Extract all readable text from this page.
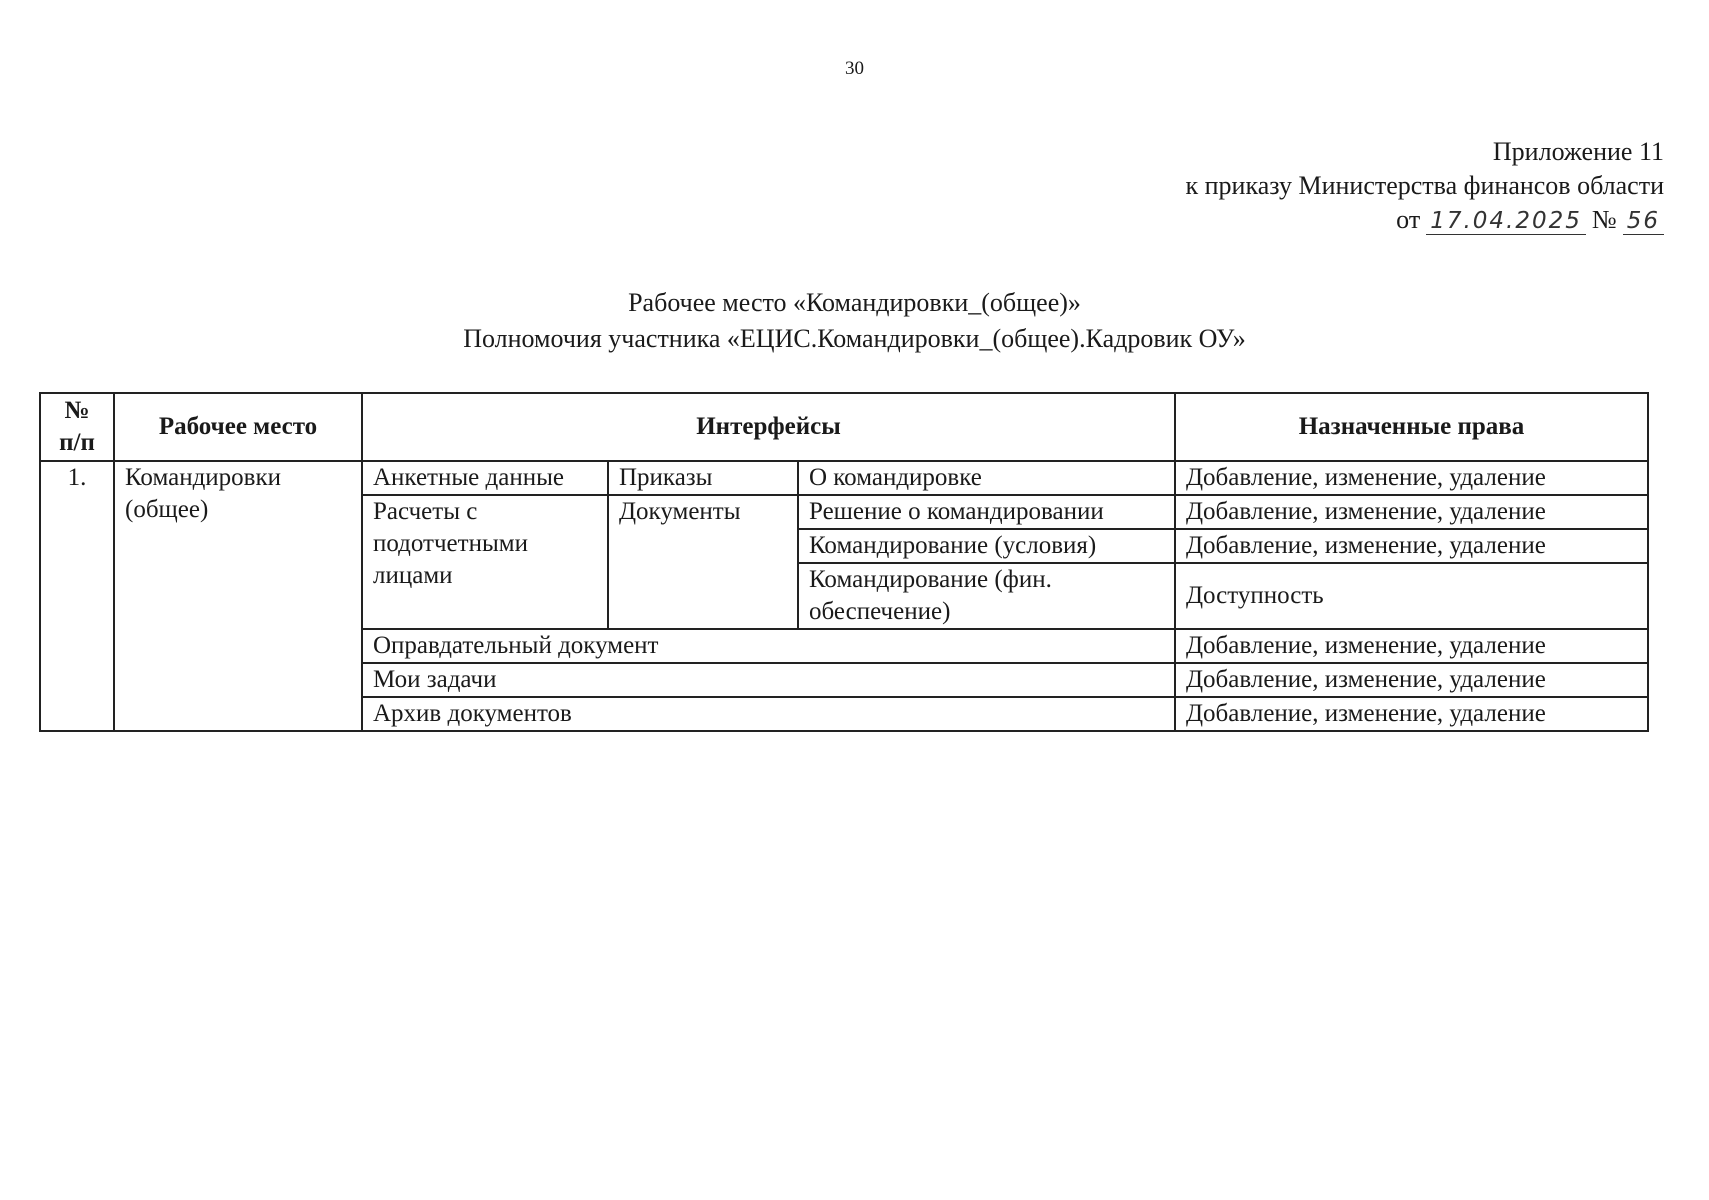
30
Приложение 11
к приказу Министерства финансов области
от 17.04.2025 № 56
Рабочее место «Командировки_(общее)»
Полномочия участника «ЕЦИС.Командировки_(общее).Кадровик ОУ»
№ п/п	Рабочее место	Интерфейсы			Назначенные права
1.	Командировки (общее)	Анкетные данные	Приказы	О командировке	Добавление, изменение, удаление
		Расчеты с подотчетными лицами	Документы	Решение о командировании	Добавление, изменение, удаление
				Командирование (условия)	Добавление, изменение, удаление
				Командирование (фин. обеспечение)	Доступность
		Оправдательный документ			Добавление, изменение, удаление
		Мои задачи			Добавление, изменение, удаление
		Архив документов			Добавление, изменение, удаление
